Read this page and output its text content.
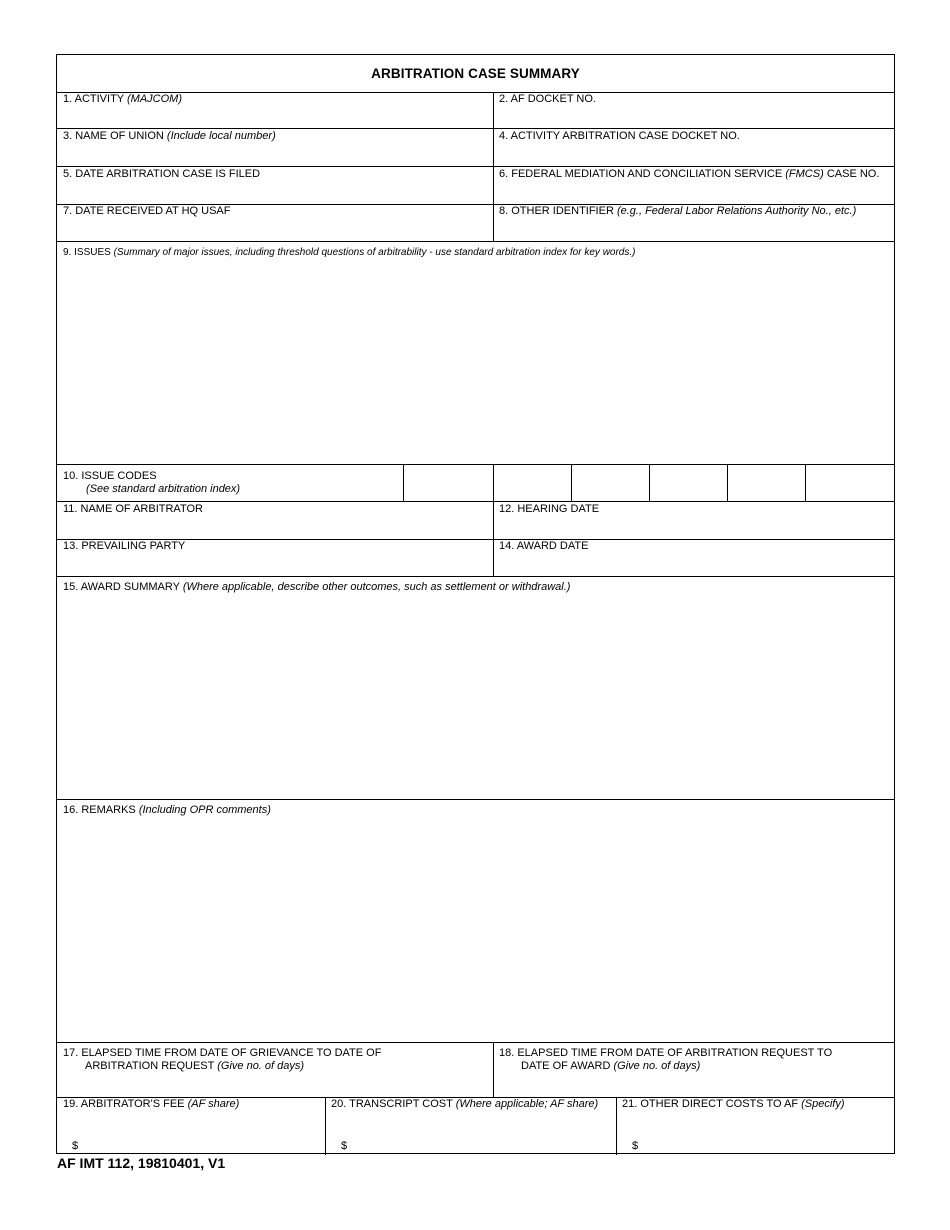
ARBITRATION CASE SUMMARY
1. ACTIVITY (MAJCOM)	2. AF DOCKET NO.
3. NAME OF UNION (Include local number)	4. ACTIVITY ARBITRATION CASE DOCKET NO.
5. DATE ARBITRATION CASE IS FILED	6. FEDERAL MEDIATION AND CONCILIATION SERVICE (FMCS) CASE NO.
7. DATE RECEIVED AT HQ USAF	8. OTHER IDENTIFIER (e.g., Federal Labor Relations Authority No., etc.)
9. ISSUES (Summary of major issues, including threshold questions of arbitrability - use standard arbitration index for key words.)
10. ISSUE CODES
(See standard arbitration index)
11. NAME OF ARBITRATOR	12. HEARING DATE
13. PREVAILING PARTY	14. AWARD DATE
15. AWARD SUMMARY (Where applicable, describe other outcomes, such as settlement or withdrawal.)
16. REMARKS (Including OPR comments)
17. ELAPSED TIME FROM DATE OF GRIEVANCE TO DATE OF
ARBITRATION REQUEST (Give no. of days)
18. ELAPSED TIME FROM DATE OF ARBITRATION REQUEST TO
DATE OF AWARD (Give no. of days)
19. ARBITRATOR'S FEE (AF share)
$
20. TRANSCRIPT COST (Where applicable; AF share)
$
21. OTHER DIRECT COSTS TO AF (Specify)
$
AF IMT 112, 19810401, V1
